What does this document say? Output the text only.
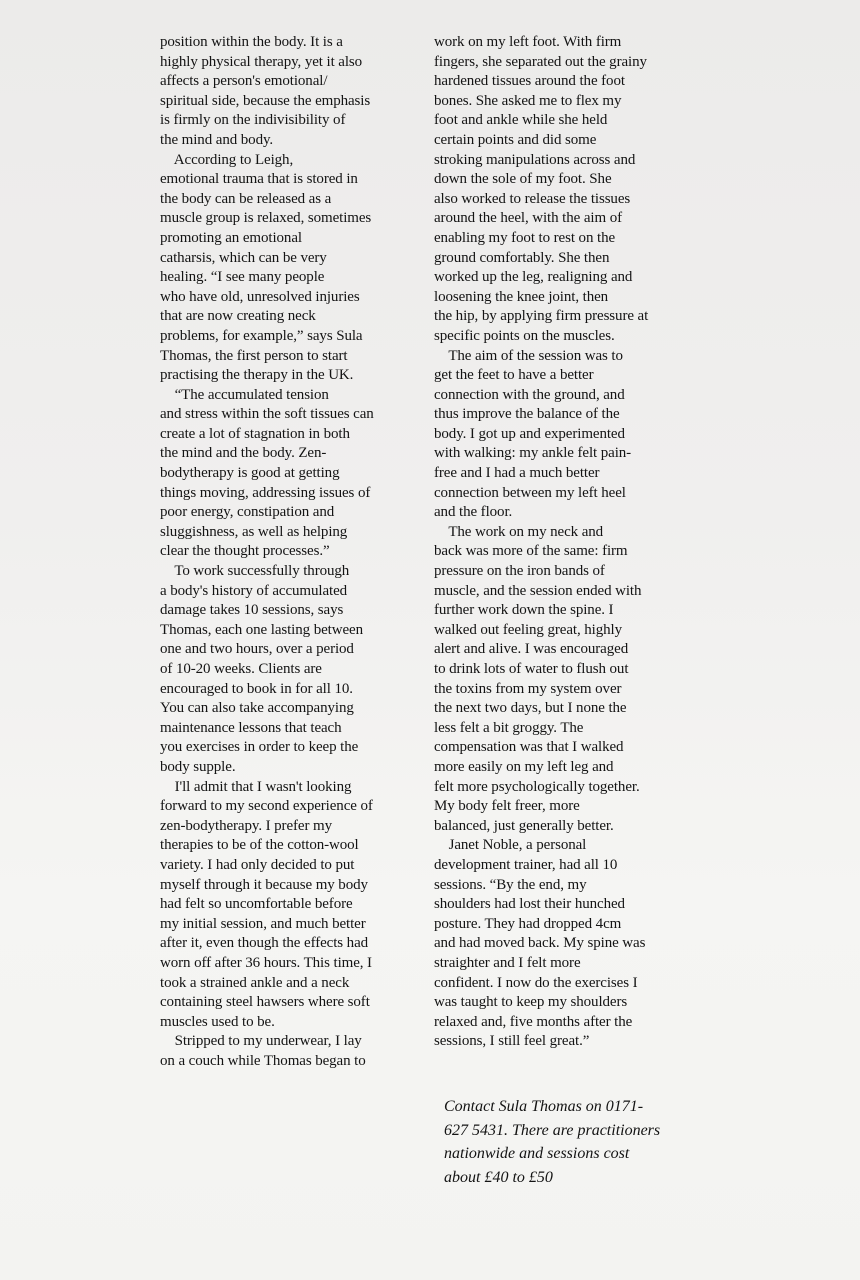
position within the body. It is a
highly physical therapy, yet it also
affects a person's emotional/
spiritual side, because the emphasis
is firmly on the indivisibility of
the mind and body.
According to Leigh,
emotional trauma that is stored in
the body can be released as a
muscle group is relaxed, sometimes
promoting an emotional
catharsis, which can be very
healing. “I see many people
who have old, unresolved injuries
that are now creating neck
problems, for example,” says Sula
Thomas, the first person to start
practising the therapy in the UK.
“The accumulated tension
and stress within the soft tissues can
create a lot of stagnation in both
the mind and the body. Zen-
bodytherapy is good at getting
things moving, addressing issues of
poor energy, constipation and
sluggishness, as well as helping
clear the thought processes.”
To work successfully through
a body's history of accumulated
damage takes 10 sessions, says
Thomas, each one lasting between
one and two hours, over a period
of 10-20 weeks. Clients are
encouraged to book in for all 10.
You can also take accompanying
maintenance lessons that teach
you exercises in order to keep the
body supple.
I'll admit that I wasn't looking
forward to my second experience of
zen-bodytherapy. I prefer my
therapies to be of the cotton-wool
variety. I had only decided to put
myself through it because my body
had felt so uncomfortable before
my initial session, and much better
after it, even though the effects had
worn off after 36 hours. This time, I
took a strained ankle and a neck
containing steel hawsers where soft
muscles used to be.
Stripped to my underwear, I lay
on a couch while Thomas began to
work on my left foot. With firm
fingers, she separated out the grainy
hardened tissues around the foot
bones. She asked me to flex my
foot and ankle while she held
certain points and did some
stroking manipulations across and
down the sole of my foot. She
also worked to release the tissues
around the heel, with the aim of
enabling my foot to rest on the
ground comfortably. She then
worked up the leg, realigning and
loosening the knee joint, then
the hip, by applying firm pressure at
specific points on the muscles.
The aim of the session was to
get the feet to have a better
connection with the ground, and
thus improve the balance of the
body. I got up and experimented
with walking: my ankle felt pain-
free and I had a much better
connection between my left heel
and the floor.
The work on my neck and
back was more of the same: firm
pressure on the iron bands of
muscle, and the session ended with
further work down the spine. I
walked out feeling great, highly
alert and alive. I was encouraged
to drink lots of water to flush out
the toxins from my system over
the next two days, but I none the
less felt a bit groggy. The
compensation was that I walked
more easily on my left leg and
felt more psychologically together.
My body felt freer, more
balanced, just generally better.
Janet Noble, a personal
development trainer, had all 10
sessions. “By the end, my
shoulders had lost their hunched
posture. They had dropped 4cm
and had moved back. My spine was
straighter and I felt more
confident. I now do the exercises I
was taught to keep my shoulders
relaxed and, five months after the
sessions, I still feel great.”
Contact Sula Thomas on 0171-
627 5431. There are practitioners
nationwide and sessions cost
about £40 to £50
